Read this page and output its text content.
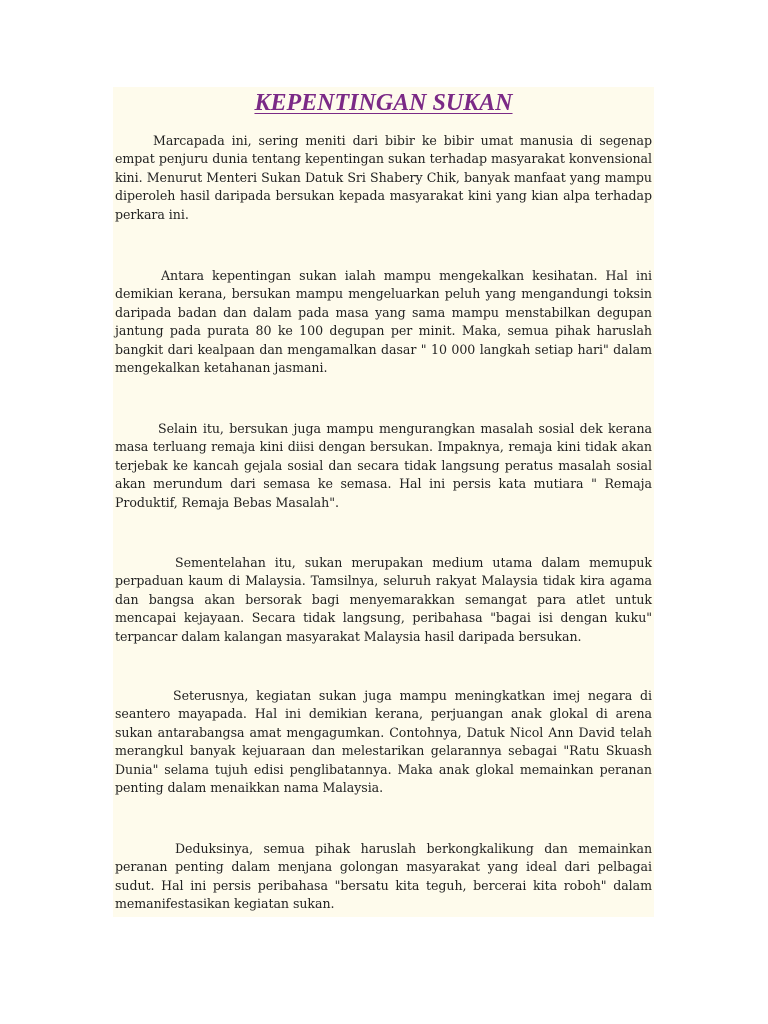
KEPENTINGAN SUKAN

Marcapada ini, sering meniti dari bibir ke bibir umat manusia di segenap empat penjuru dunia tentang kepentingan sukan terhadap masyarakat konvensional kini. Menurut Menteri Sukan Datuk Sri Shabery Chik, banyak manfaat yang mampu diperoleh hasil daripada bersukan kepada masyarakat kini yang kian alpa terhadap perkara ini.

Antara kepentingan sukan ialah mampu mengekalkan kesihatan. Hal ini demikian kerana, bersukan mampu mengeluarkan peluh yang mengandungi toksin daripada badan dan dalam pada masa yang sama mampu menstabilkan degupan jantung pada purata 80 ke 100 degupan per minit. Maka, semua pihak haruslah bangkit dari kealpaan dan mengamalkan dasar " 10 000 langkah setiap hari" dalam mengekalkan ketahanan jasmani.

Selain itu, bersukan juga mampu mengurangkan masalah sosial dek kerana masa terluang remaja kini diisi dengan bersukan. Impaknya, remaja kini tidak akan terjebak ke kancah gejala sosial dan secara tidak langsung peratus masalah sosial akan merundum dari semasa ke semasa. Hal ini persis kata mutiara " Remaja Produktif, Remaja Bebas Masalah".

Sementelahan itu, sukan merupakan medium utama dalam memupuk perpaduan kaum di Malaysia. Tamsilnya, seluruh rakyat Malaysia tidak kira agama dan bangsa akan bersorak bagi menyemarakkan semangat para atlet untuk mencapai kejayaan. Secara tidak langsung, peribahasa "bagai isi dengan kuku" terpancar dalam kalangan masyarakat Malaysia hasil daripada bersukan.

Seterusnya, kegiatan sukan juga mampu meningkatkan imej negara di seantero mayapada. Hal ini demikian kerana, perjuangan anak glokal di arena sukan antarabangsa amat mengagumkan. Contohnya, Datuk Nicol Ann David telah merangkul banyak kejuaraan dan melestarikan gelarannya sebagai "Ratu Skuash Dunia" selama tujuh edisi penglibatannya. Maka anak glokal memainkan peranan penting dalam menaikkan nama Malaysia.

Deduksinya, semua pihak haruslah berkongkalikung dan memainkan peranan penting dalam menjana golongan masyarakat yang ideal dari pelbagai sudut. Hal ini persis peribahasa "bersatu kita teguh, bercerai kita roboh" dalam memanifestasikan kegiatan sukan.
